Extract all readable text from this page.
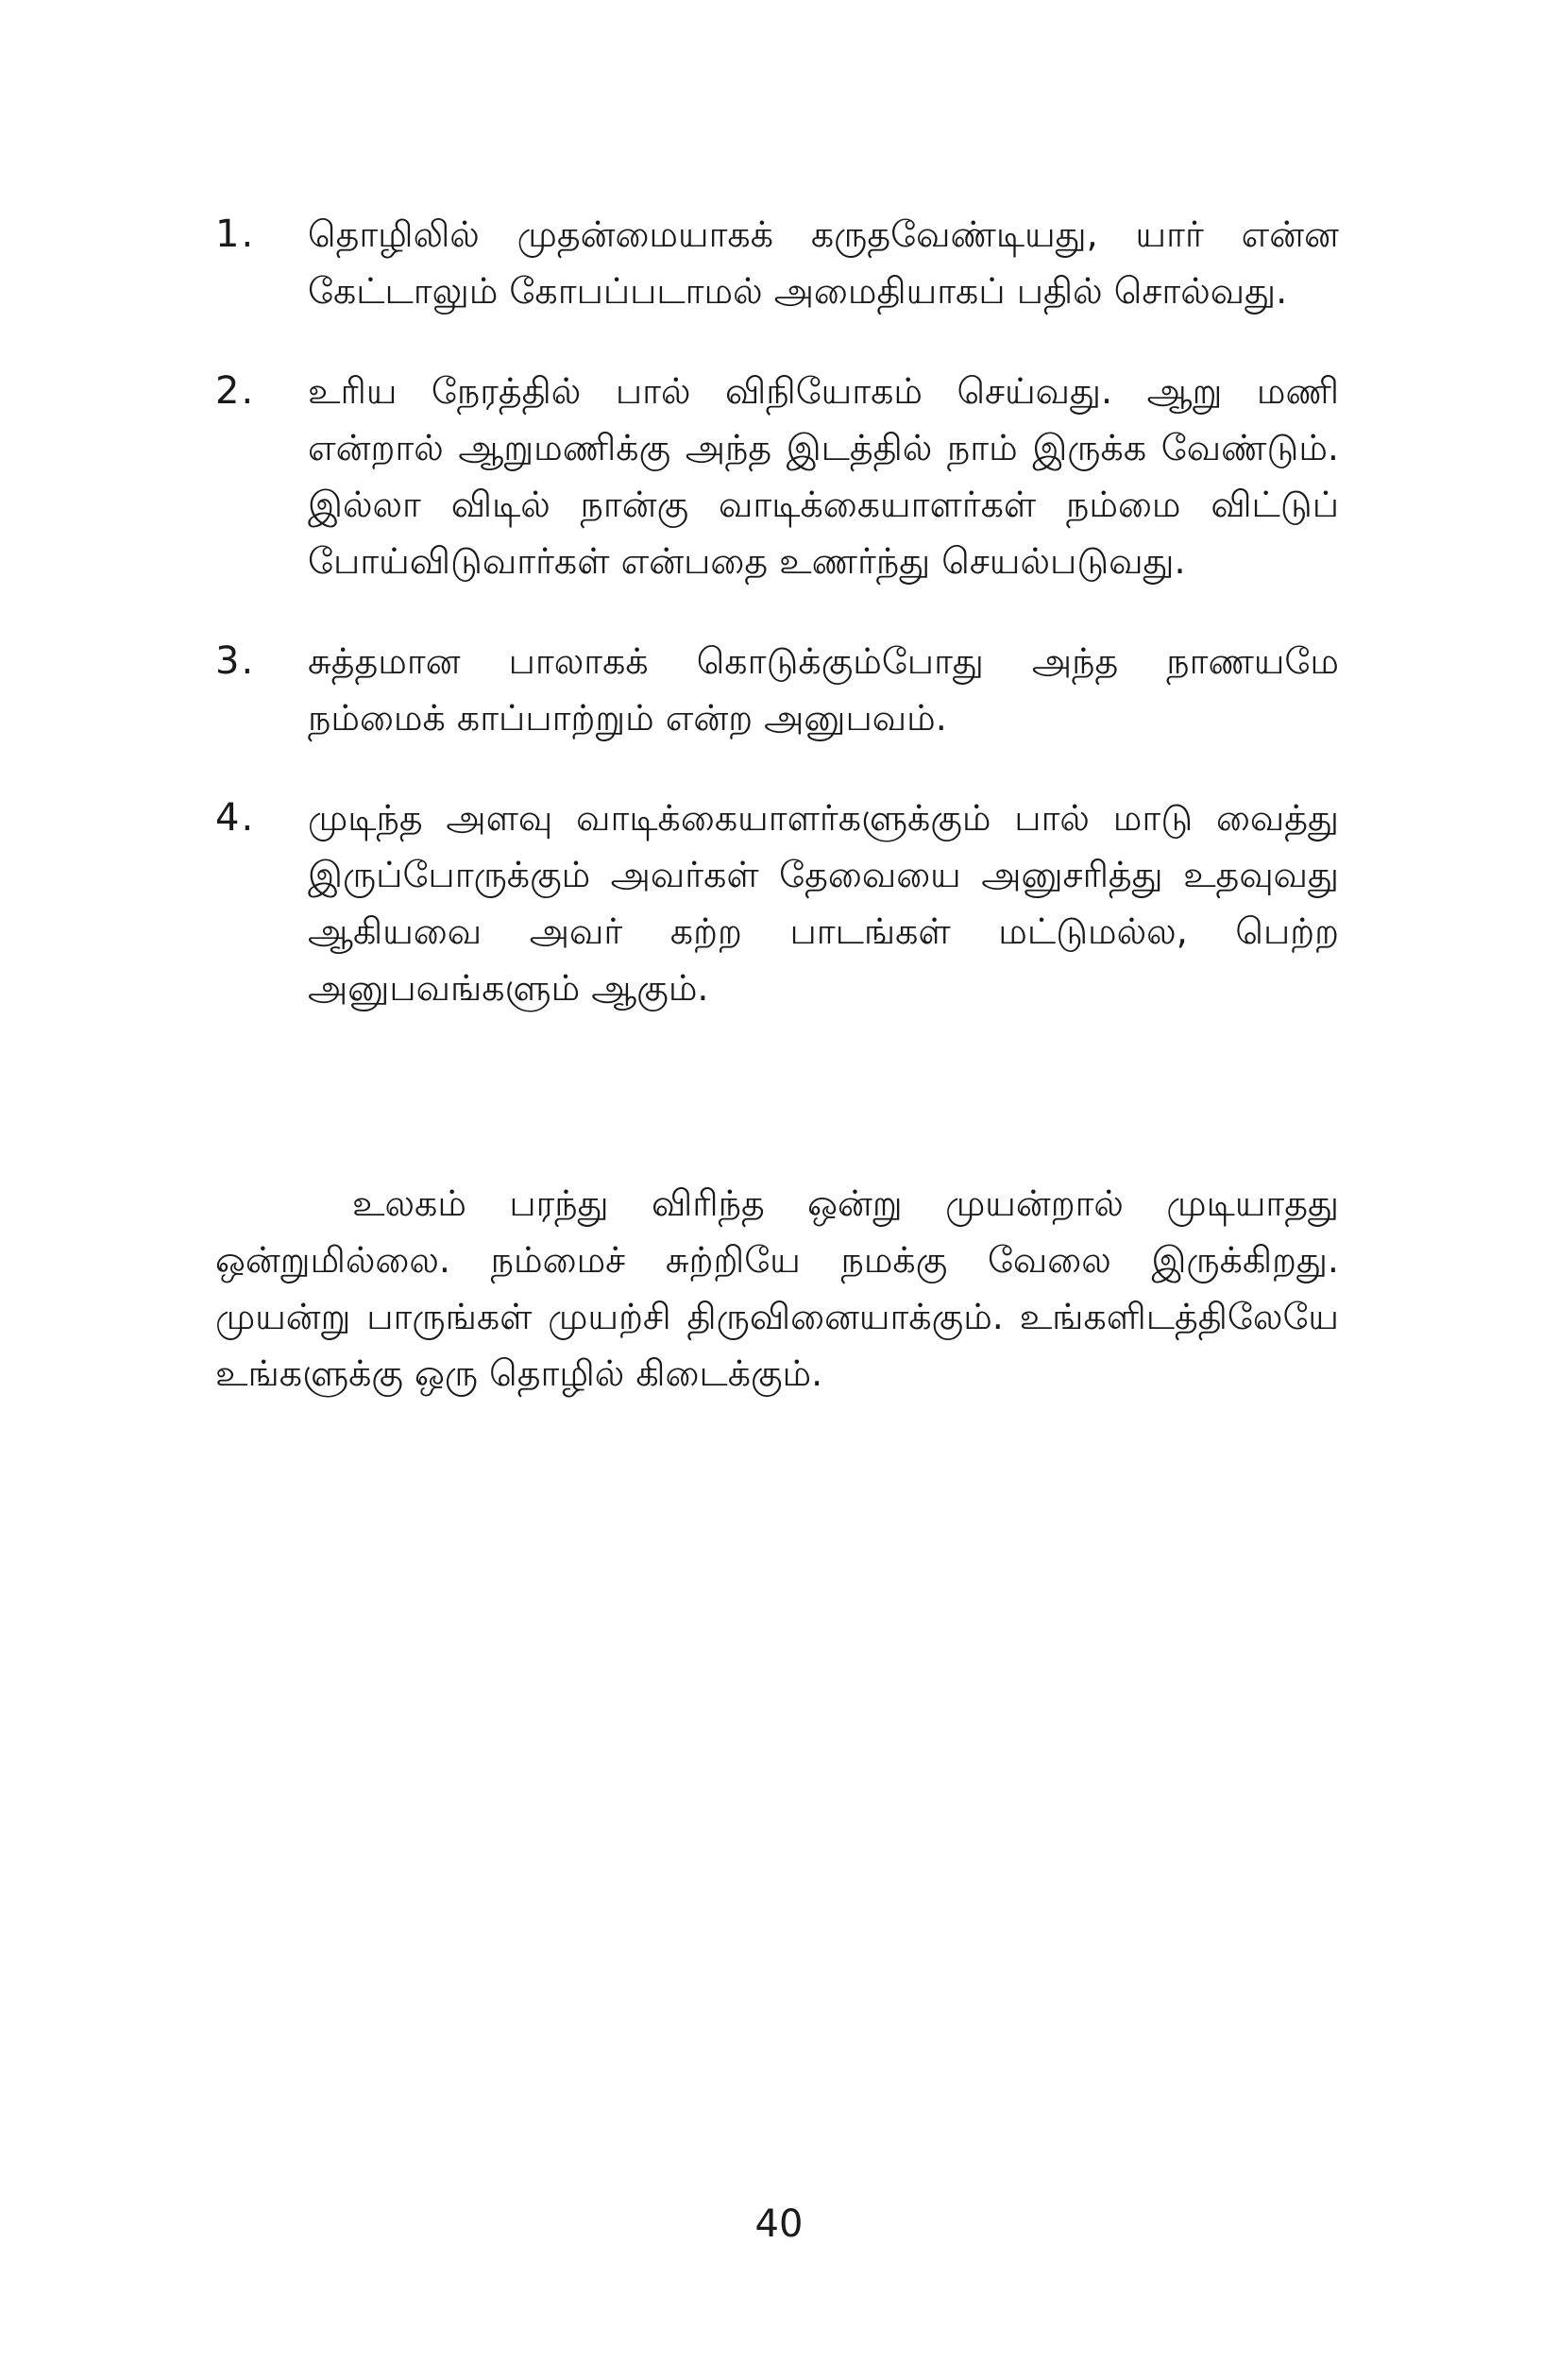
1.	தொழிலில் முதன்மையாகக் கருதவேண்டியது, யார் என்ன கேட்டாலும் கோபப்படாமல் அமைதியாகப் பதில் சொல்வது.
2.	உரிய நேரத்தில் பால் விநியோகம் செய்வது. ஆறு மணி என்றால் ஆறுமணிக்கு அந்த இடத்தில் நாம் இருக்க வேண்டும். இல்லா விடில் நான்கு வாடிக்கையாளர்கள் நம்மை விட்டுப் போய்விடுவார்கள் என்பதை உணர்ந்து செயல்படுவது.
3.	சுத்தமான பாலாகக் கொடுக்கும்போது அந்த நாணயமே நம்மைக் காப்பாற்றும் என்ற அனுபவம்.
4.	முடிந்த அளவு வாடிக்கையாளர்களுக்கும் பால் மாடு வைத்து இருப்போருக்கும் அவர்கள் தேவையை அனுசரித்து உதவுவது ஆகியவை அவர் கற்ற பாடங்கள் மட்டுமல்ல, பெற்ற அனுபவங்களும் ஆகும்.

உலகம் பரந்து விரிந்த ஒன்று முயன்றால் முடியாதது ஒன்றுமில்லை. நம்மைச் சுற்றியே நமக்கு வேலை இருக்கிறது. முயன்று பாருங்கள் முயற்சி திருவினையாக்கும். உங்களிடத்திலேயே உங்களுக்கு ஒரு தொழில் கிடைக்கும்.

40
